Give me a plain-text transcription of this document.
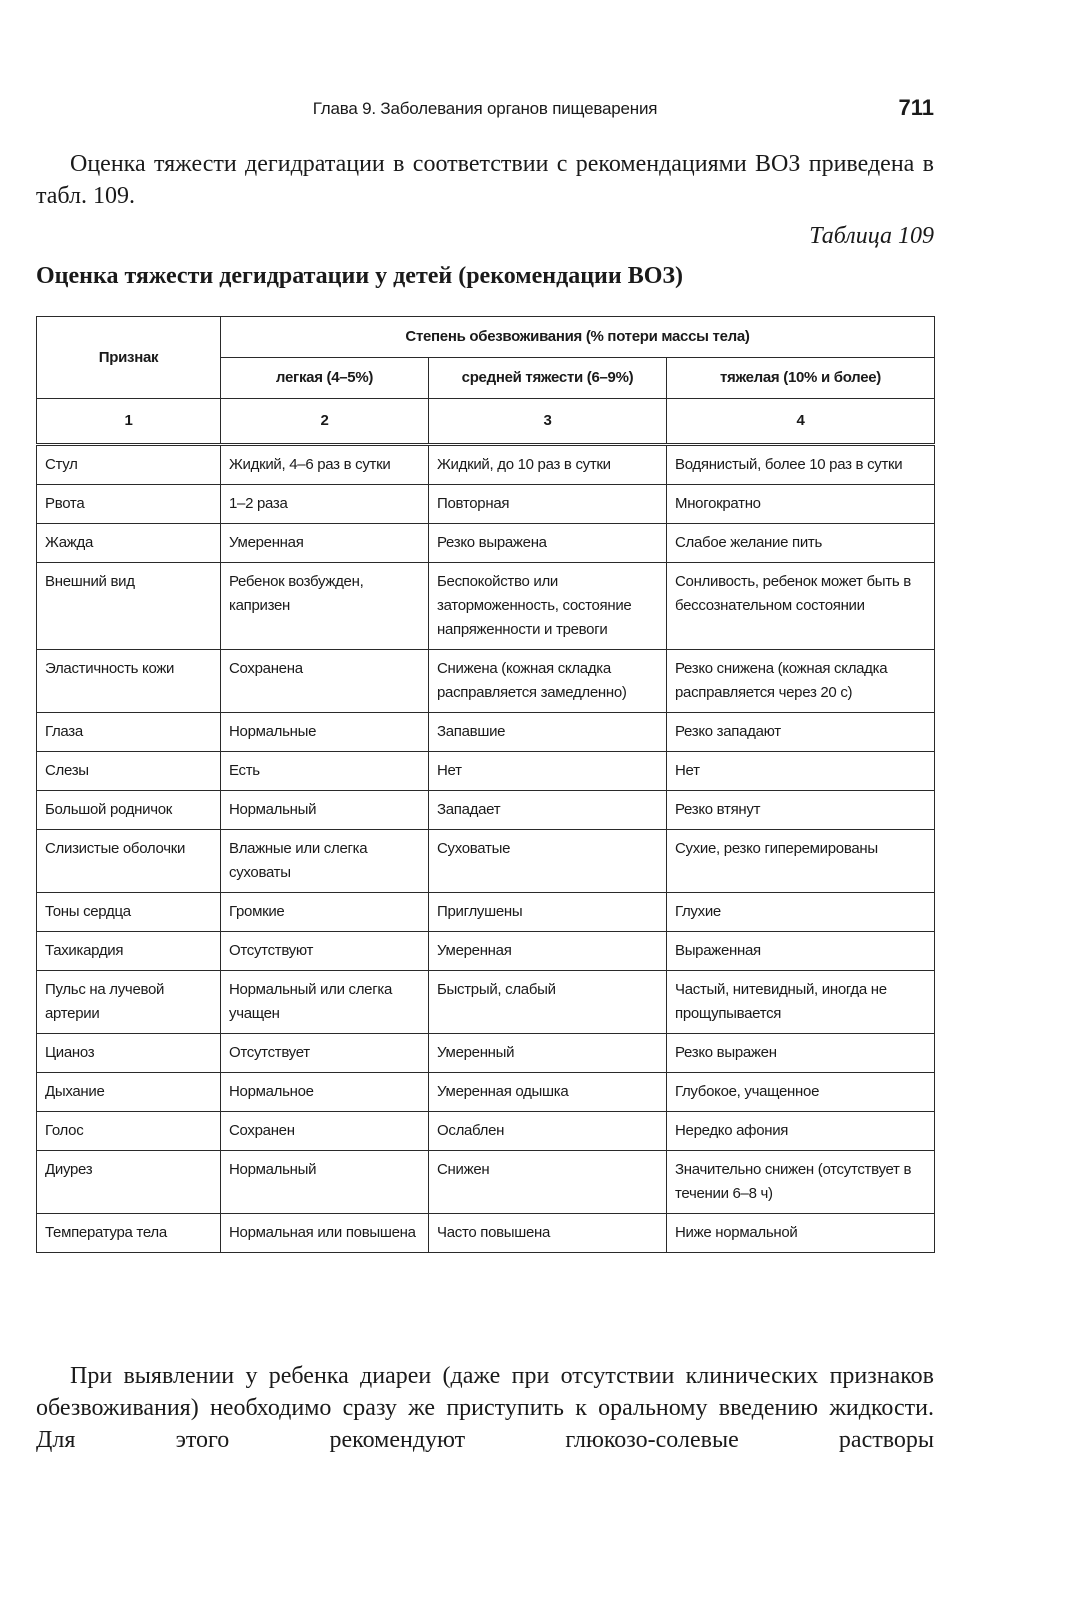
Глава 9. Заболевания органов пищеварения	711

Оценка тяжести дегидратации в соответствии с рекомендациями ВОЗ приведена в табл. 109.

Таблица 109
Оценка тяжести дегидратации у детей (рекомендации ВОЗ)
Признак	Степень обезвоживания (% потери массы тела)		
	легкая (4–5%)	средней тяжести (6–9%)	тяжелая (10% и более)
1	2	3	4
Стул	Жидкий, 4–6 раз в сутки	Жидкий, до 10 раз в сутки	Водянистый, более 10 раз в сутки
Рвота	1–2 раза	Повторная	Многократно
Жажда	Умеренная	Резко выражена	Слабое желание пить
Внешний вид	Ребенок возбужден, капризен	Беспокойство или заторможенность, состояние напряженности и тревоги	Сонливость, ребенок может быть в бессознательном состоянии
Эластичность кожи	Сохранена	Снижена (кожная складка расправляется замедленно)	Резко снижена (кожная складка расправляется через 20 с)
Глаза	Нормальные	Запавшие	Резко западают
Слезы	Есть	Нет	Нет
Большой родничок	Нормальный	Западает	Резко втянут
Слизистые оболочки	Влажные или слегка суховаты	Суховатые	Сухие, резко гиперемированы
Тоны сердца	Громкие	Приглушены	Глухие
Тахикардия	Отсутствуют	Умеренная	Выраженная
Пульс на лучевой артерии	Нормальный или слегка учащен	Быстрый, слабый	Частый, нитевидный, иногда не прощупывается
Цианоз	Отсутствует	Умеренный	Резко выражен
Дыхание	Нормальное	Умеренная одышка	Глубокое, учащенное
Голос	Сохранен	Ослаблен	Нередко афония
Диурез	Нормальный	Снижен	Значительно снижен (отсутствует в течении 6–8 ч)
Температура тела	Нормальная или повышена	Часто повышена	Ниже нормальной

При выявлении у ребенка диареи (даже при отсутствии клинических признаков обезвоживания) необходимо сразу же приступить к оральному введению жидкости. Для этого рекомендуют глюкозо-солевые растворы
